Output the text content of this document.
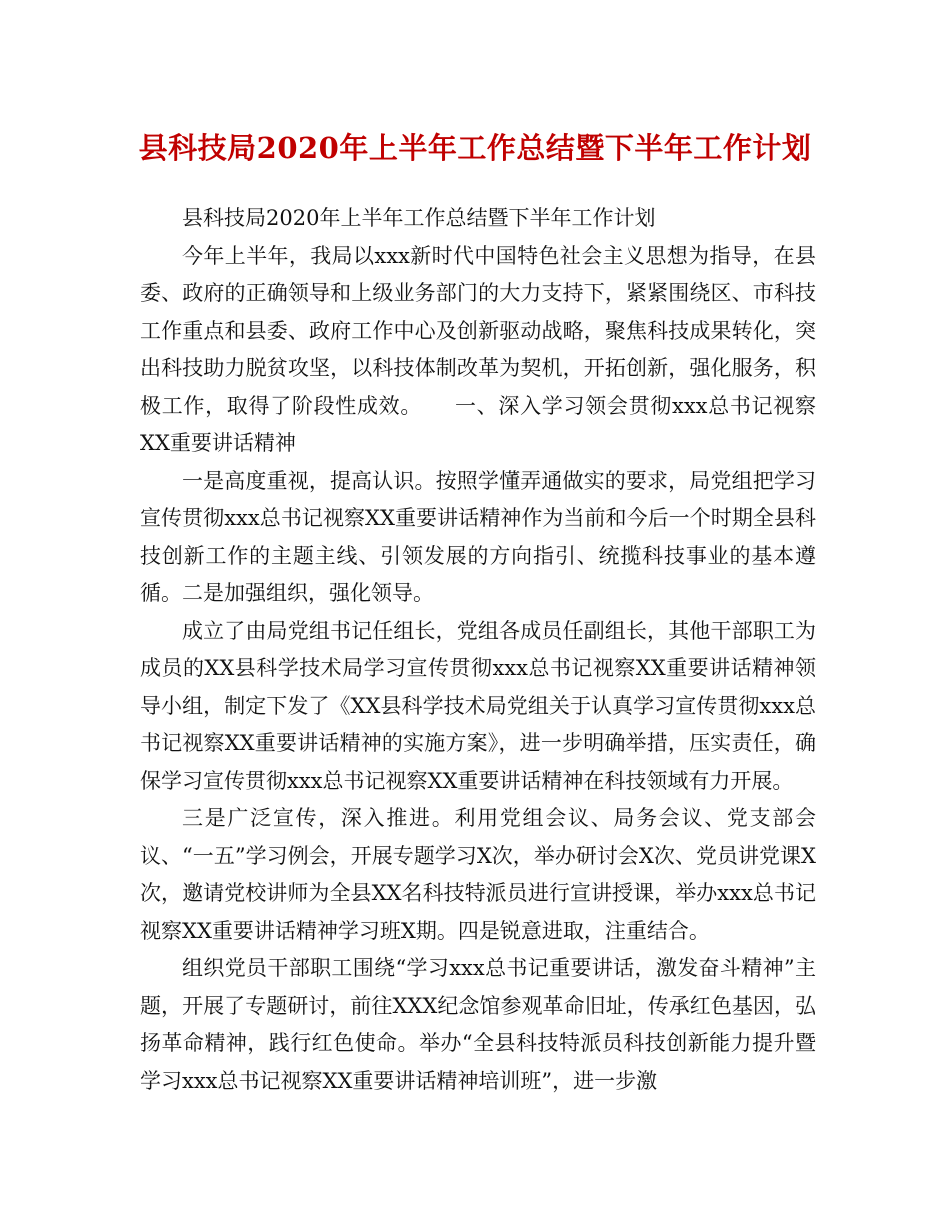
县科技局2020年上半年工作总结暨下半年工作计划

县科技局2020年上半年工作总结暨下半年工作计划

今年上半年，我局以xxx新时代中国特色社会主义思想为指导，在县委、政府的正确领导和上级业务部门的大力支持下，紧紧围绕区、市科技工作重点和县委、政府工作中心及创新驱动战略，聚焦科技成果转化，突出科技助力脱贫攻坚，以科技体制改革为契机，开拓创新，强化服务，积极工作，取得了阶段性成效。　　一、深入学习领会贯彻xxx总书记视察XX重要讲话精神

一是高度重视，提高认识。按照学懂弄通做实的要求，局党组把学习宣传贯彻xxx总书记视察XX重要讲话精神作为当前和今后一个时期全县科技创新工作的主题主线、引领发展的方向指引、统揽科技事业的基本遵循。二是加强组织，强化领导。

成立了由局党组书记任组长，党组各成员任副组长，其他干部职工为成员的XX县科学技术局学习宣传贯彻xxx总书记视察XX重要讲话精神领导小组，制定下发了《XX县科学技术局党组关于认真学习宣传贯彻xxx总书记视察XX重要讲话精神的实施方案》，进一步明确举措，压实责任，确保学习宣传贯彻xxx总书记视察XX重要讲话精神在科技领域有力开展。

三是广泛宣传，深入推进。利用党组会议、局务会议、党支部会议、“一五”学习例会，开展专题学习X次，举办研讨会X次、党员讲党课X次，邀请党校讲师为全县XX名科技特派员进行宣讲授课，举办xxx总书记视察XX重要讲话精神学习班X期。四是锐意进取，注重结合。

组织党员干部职工围绕“学习xxx总书记重要讲话，激发奋斗精神”主题，开展了专题研讨，前往XXX纪念馆参观革命旧址，传承红色基因，弘扬革命精神，践行红色使命。举办“全县科技特派员科技创新能力提升暨学习xxx总书记视察XX重要讲话精神培训班”，进一步激
